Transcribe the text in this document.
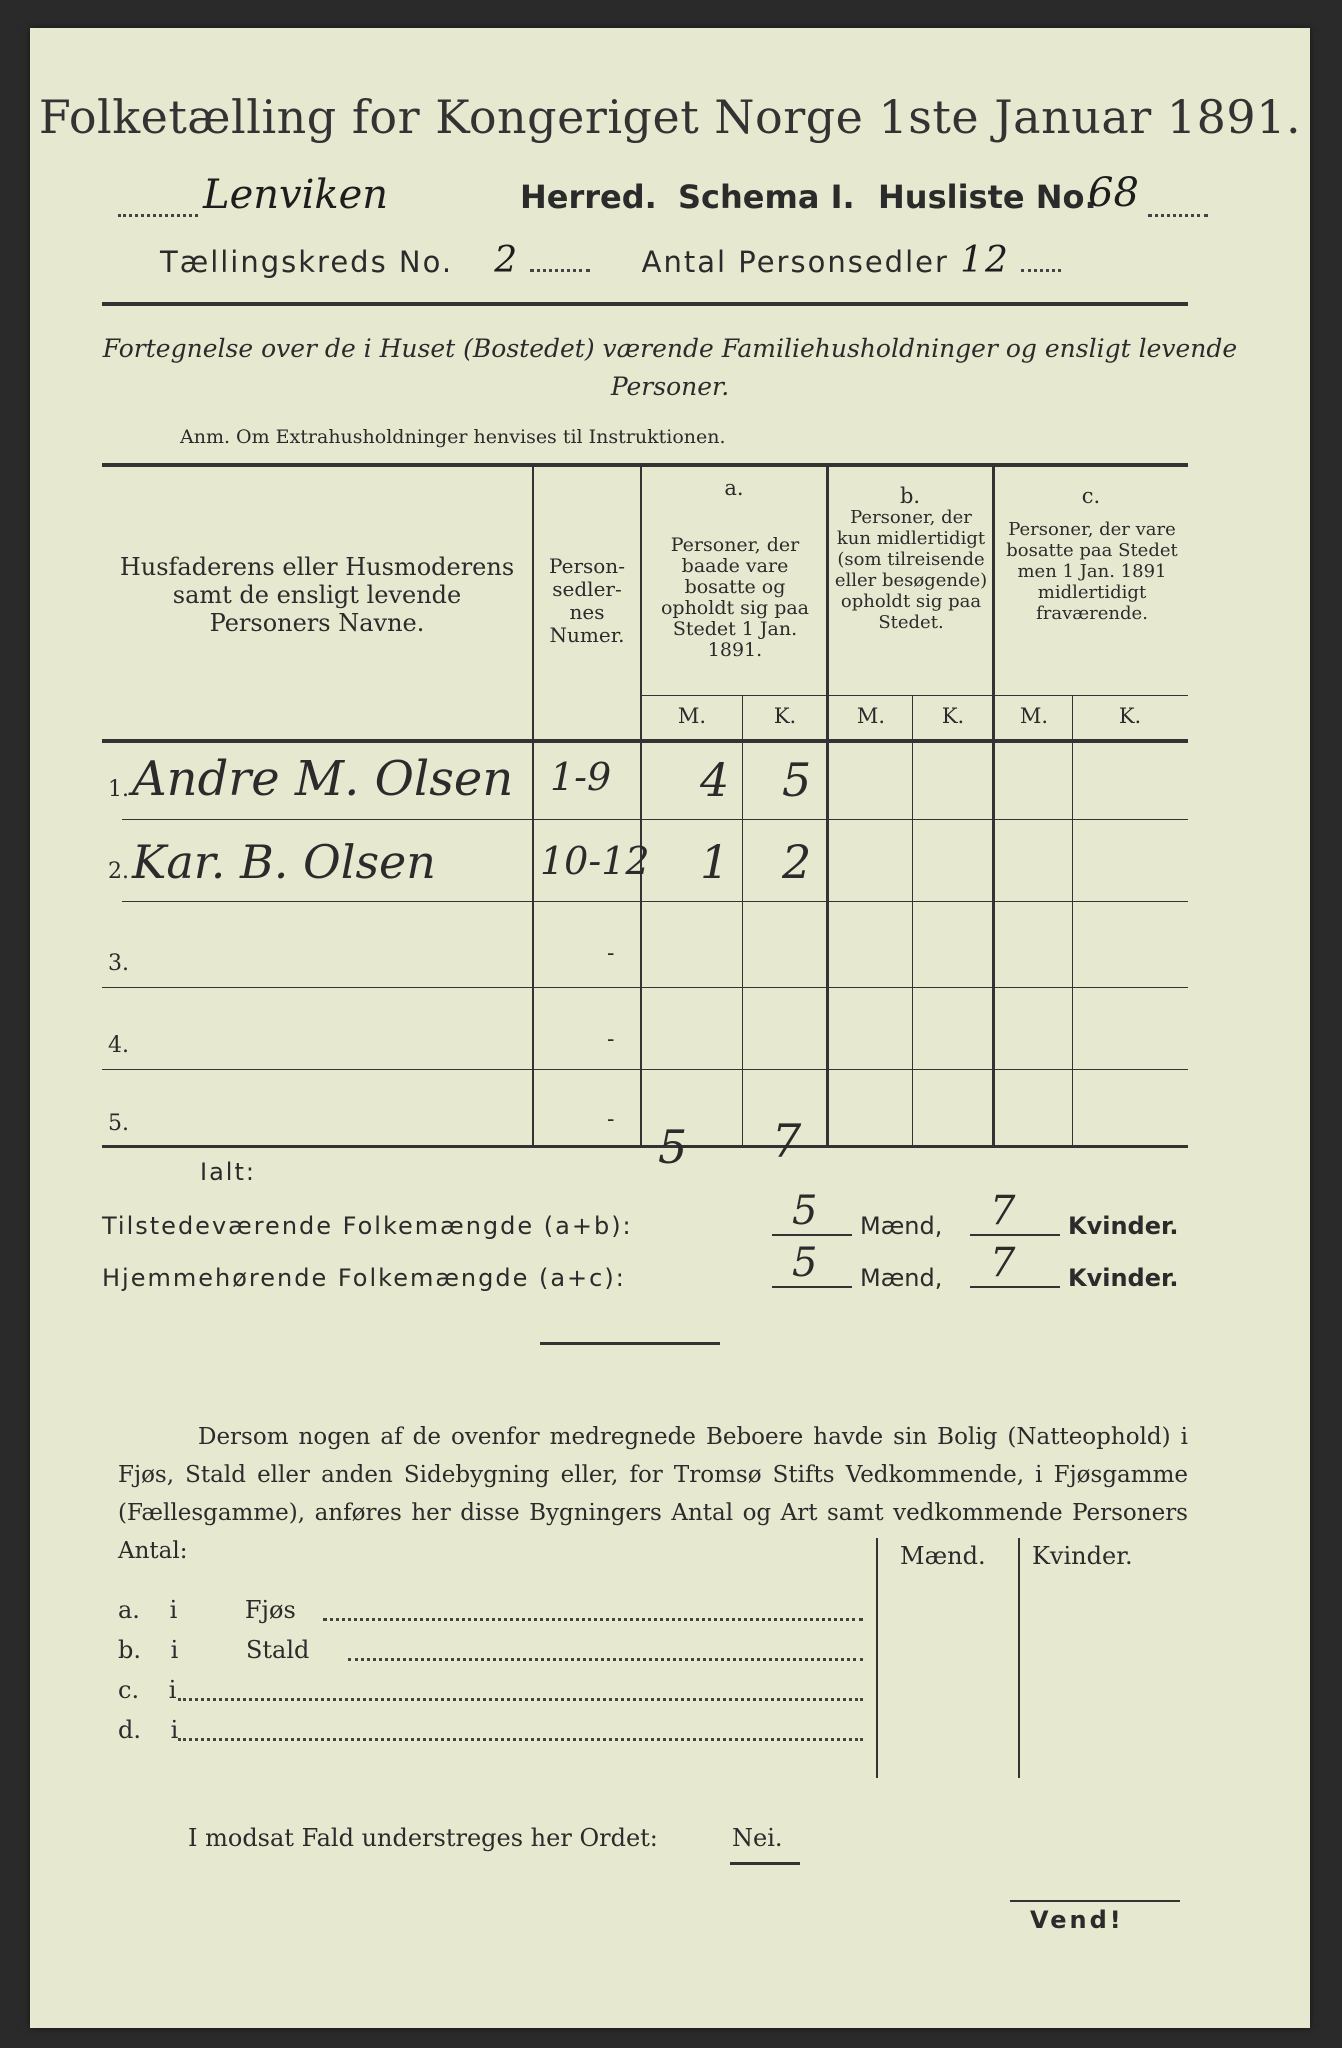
Folketælling for Kongeriget Norge 1ste Januar 1891.
Lenviken	Herred. Schema I. Husliste No.
68
Tællingskreds No. 2	Antal Personsedler 12
Fortegnelse over de i Huset (Bostedet) værende Familiehusholdninger og ensligt levende Personer.
Anm. Om Extrahusholdninger henvises til Instruktionen.
Husfaderens eller Husmoderens samt de ensligt levende Personers Navne.
Person-sedler-nes Numer.
a.
Personer, der baade vare bosatte og opholdt sig paa Stedet 1 Jan. 1891.
b.
Personer, der kun midlertidigt (som tilreisende eller besøgende) opholdt sig paa Stedet.
c.
Personer, der vare bosatte paa Stedet men 1 Jan. 1891 midlertidigt fraværende.
M.	K.	M.	K.	M.	K.
1. Andre M. Olsen 1-9 4 5
2. Kar. B. Olsen	10-12 1 2
3.	-
4.	-
5.	-
Ialt:	5 7
Tilstedeværende Folkemængde (a+b):	5 Mænd, 7 Kvinder.
Hjemmehørende Folkemængde (a+c):	5 Mænd, 7 Kvinder.
Dersom nogen af de ovenfor medregnede Beboere havde sin Bolig (Natteophold) i Fjøs, Stald eller anden Sidebygning eller, for Tromsø Stifts Vedkommende, i Fjøsgamme (Fællesgamme), anføres her disse Bygningers Antal og Art samt vedkommende Personers Antal:	Mænd. Kvinder.
a. i	Fjøs
b. i	Stald
c. i
d. i
I modsat Fald understreges her Ordet:	Nei.
Vend!
